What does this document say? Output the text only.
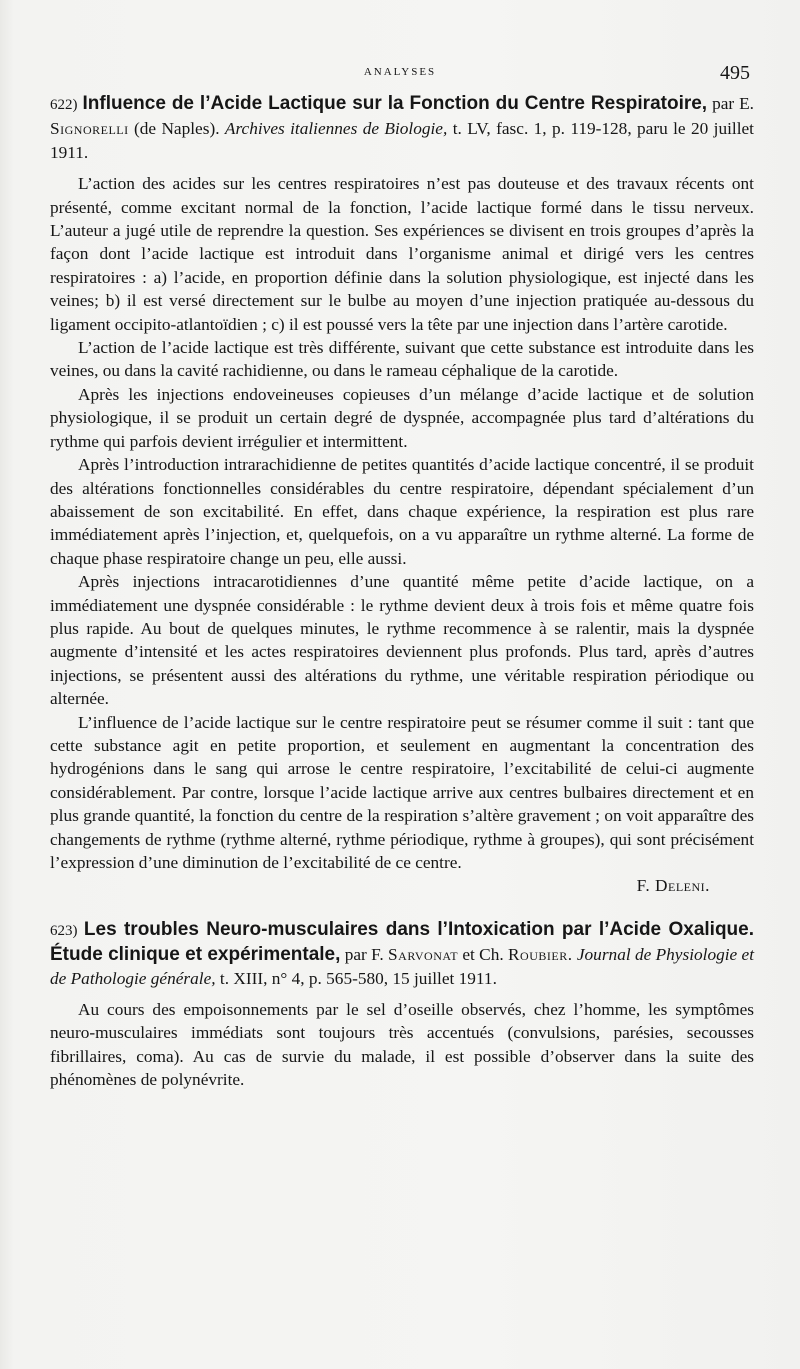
ANALYSES	495

622) Influence de l’Acide Lactique sur la Fonction du Centre Respiratoire, par E. Signorelli (de Naples). Archives italiennes de Biologie, t. LV, fasc. 1, p. 119-128, paru le 20 juillet 1911.

L’action des acides sur les centres respiratoires n’est pas douteuse et des travaux récents ont présenté, comme excitant normal de la fonction, l’acide lactique formé dans le tissu nerveux. L’auteur a jugé utile de reprendre la question. Ses expériences se divisent en trois groupes d’après la façon dont l’acide lactique est introduit dans l’organisme animal et dirigé vers les centres respiratoires : a) l’acide, en proportion définie dans la solution physiologique, est injecté dans les veines; b) il est versé directement sur le bulbe au moyen d’une injection pratiquée au-dessous du ligament occipito-atlantoïdien ; c) il est poussé vers la tête par une injection dans l’artère carotide.

L’action de l’acide lactique est très différente, suivant que cette substance est introduite dans les veines, ou dans la cavité rachidienne, ou dans le rameau céphalique de la carotide.

Après les injections endoveineuses copieuses d’un mélange d’acide lactique et de solution physiologique, il se produit un certain degré de dyspnée, accompagnée plus tard d’altérations du rythme qui parfois devient irrégulier et intermittent.

Après l’introduction intrarachidienne de petites quantités d’acide lactique concentré, il se produit des altérations fonctionnelles considérables du centre respiratoire, dépendant spécialement d’un abaissement de son excitabilité. En effet, dans chaque expérience, la respiration est plus rare immédiatement après l’injection, et, quelquefois, on a vu apparaître un rythme alterné. La forme de chaque phase respiratoire change un peu, elle aussi.

Après injections intracarotidiennes d’une quantité même petite d’acide lactique, on a immédiatement une dyspnée considérable : le rythme devient deux à trois fois et même quatre fois plus rapide. Au bout de quelques minutes, le rythme recommence à se ralentir, mais la dyspnée augmente d’intensité et les actes respiratoires deviennent plus profonds. Plus tard, après d’autres injections, se présentent aussi des altérations du rythme, une véritable respiration périodique ou alternée.

L’influence de l’acide lactique sur le centre respiratoire peut se résumer comme il suit : tant que cette substance agit en petite proportion, et seulement en augmentant la concentration des hydrogénions dans le sang qui arrose le centre respiratoire, l’excitabilité de celui-ci augmente considérablement. Par contre, lorsque l’acide lactique arrive aux centres bulbaires directement et en plus grande quantité, la fonction du centre de la respiration s’altère gravement ; on voit apparaître des changements de rythme (rythme alterné, rythme périodique, rythme à groupes), qui sont précisément l’expression d’une diminution de l’excitabilité de ce centre.

F. Deleni.

623) Les troubles Neuro-musculaires dans l’Intoxication par l’Acide Oxalique. Étude clinique et expérimentale, par F. Sarvonat et Ch. Roubier. Journal de Physiologie et de Pathologie générale, t. XIII, n° 4, p. 565-580, 15 juillet 1911.

Au cours des empoisonnements par le sel d’oseille observés, chez l’homme, les symptômes neuro-musculaires immédiats sont toujours très accentués (convulsions, parésies, secousses fibrillaires, coma). Au cas de survie du malade, il est possible d’observer dans la suite des phénomènes de polynévrite.
